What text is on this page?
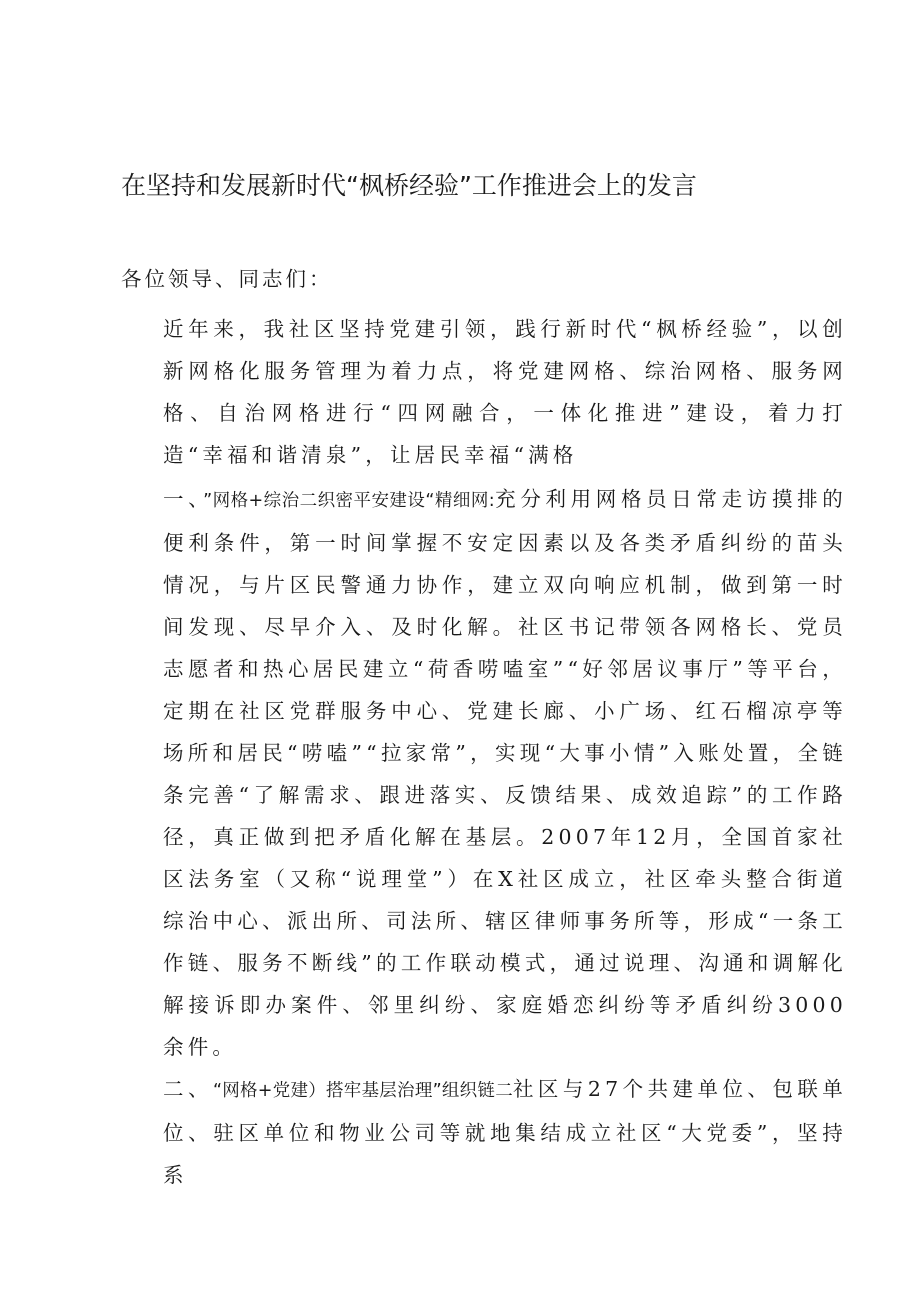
在坚持和发展新时代“枫桥经验”工作推进会上的发言

各位领导、同志们：

近年来，我社区坚持党建引领，践行新时代“枫桥经验”，以创新网格化服务管理为着力点，将党建网格、综治网格、服务网格、自治网格进行“四网融合，一体化推进”建设，着力打造“幸福和谐清泉”，让居民幸福“满格

一、”网格+综治二织密平安建设“精细网:充分利用网格员日常走访摸排的便利条件，第一时间掌握不安定因素以及各类矛盾纠纷的苗头情况，与片区民警通力协作，建立双向响应机制，做到第一时间发现、尽早介入、及时化解。社区书记带领各网格长、党员志愿者和热心居民建立“荷香唠嗑室”“好邻居议事厅”等平台，定期在社区党群服务中心、党建长廊、小广场、红石榴凉亭等场所和居民“唠嗑”“拉家常”，实现“大事小情”入账处置，全链条完善“了解需求、跟进落实、反馈结果、成效追踪”的工作路径，真正做到把矛盾化解在基层。2007年12月，全国首家社区法务室（又称“说理堂”）在X社区成立，社区牵头整合街道综治中心、派出所、司法所、辖区律师事务所等，形成“一条工作链、服务不断线”的工作联动模式，通过说理、沟通和调解化解接诉即办案件、邻里纠纷、家庭婚恋纠纷等矛盾纠纷3000余件。

二、“网格+党建）搭牢基层治理”组织链二社区与27个共建单位、包联单位、驻区单位和物业公司等就地集结成立社区“大党委”，坚持系
